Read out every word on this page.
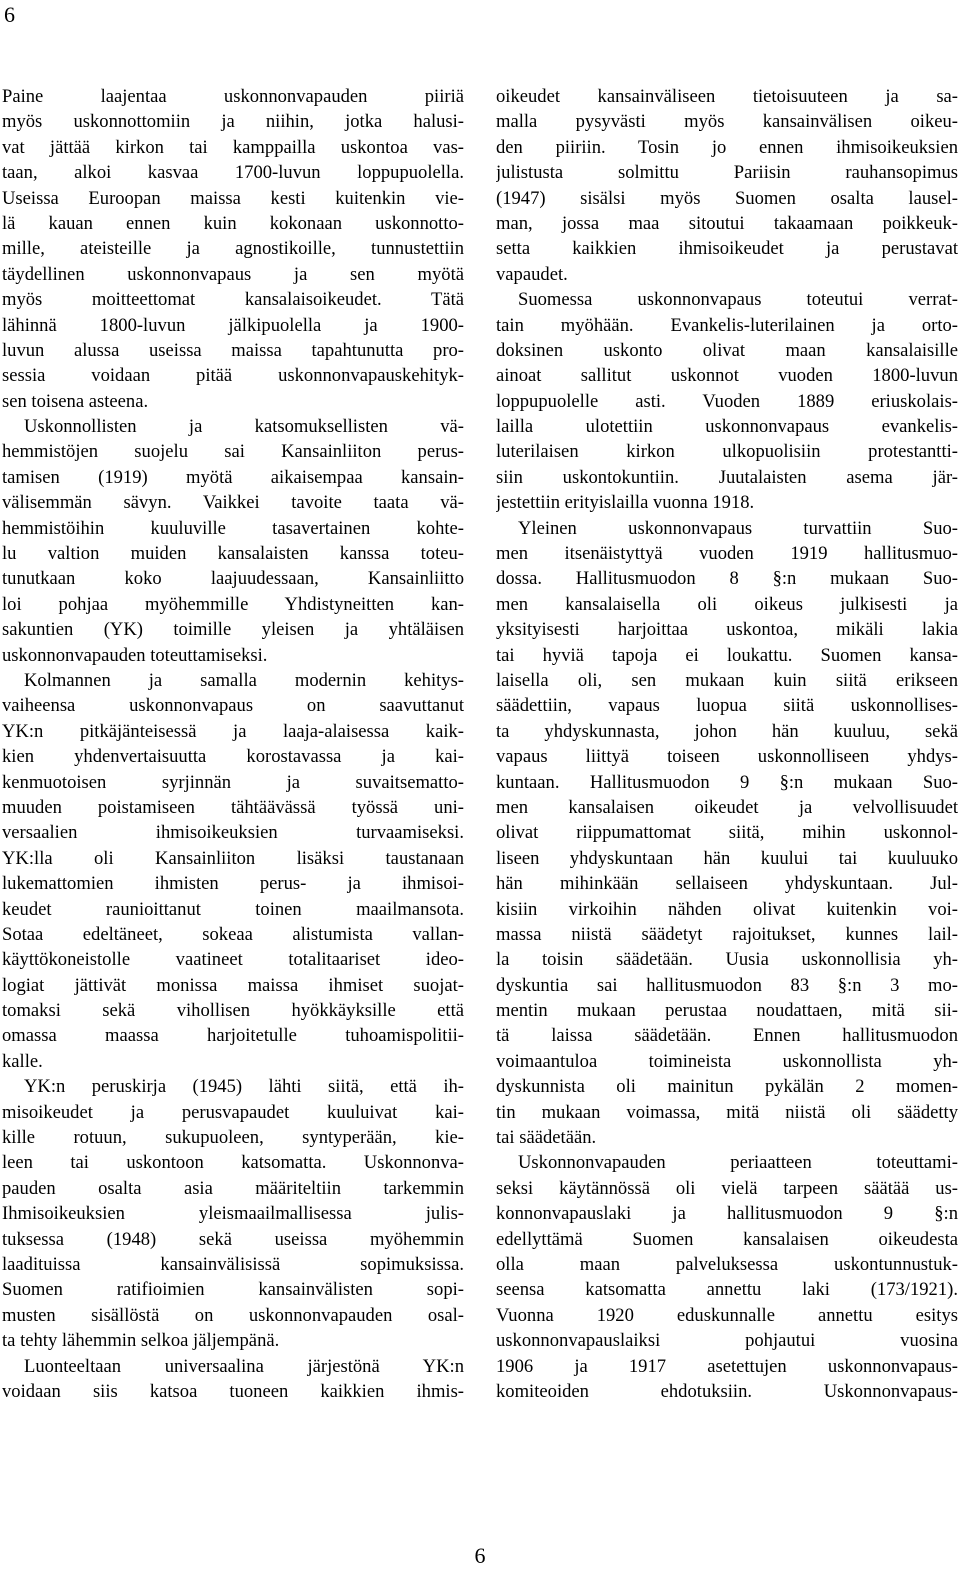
6
Paine laajentaa uskonnonvapauden piiriä
myös uskonnottomiin ja niihin, jotka halusi-
vat jättää kirkon tai kamppailla uskontoa vas-
taan, alkoi kasvaa 1700-luvun loppupuolella.
Useissa Euroopan maissa kesti kuitenkin vie-
lä kauan ennen kuin kokonaan uskonnotto-
mille, ateisteille ja agnostikoille, tunnustettiin
täydellinen uskonnonvapaus ja sen myötä
myös moitteettomat kansalaisoikeudet. Tätä
lähinnä 1800-luvun jälkipuolella ja 1900-
luvun alussa useissa maissa tapahtunutta pro-
sessia voidaan pitää uskonnonvapauskehityk-
sen toisena asteena.
Uskonnollisten ja katsomuksellisten vä-
hemmistöjen suojelu sai Kansainliiton perus-
tamisen (1919) myötä aikaisempaa kansain-
välisemmän sävyn. Vaikkei tavoite taata vä-
hemmistöihin kuuluville tasavertainen kohte-
lu valtion muiden kansalaisten kanssa toteu-
tunutkaan koko laajuudessaan, Kansainliitto
loi pohjaa myöhemmille Yhdistyneitten kan-
sakuntien (YK) toimille yleisen ja yhtäläisen
uskonnonvapauden toteuttamiseksi.
Kolmannen ja samalla modernin kehitys-
vaiheensa uskonnonvapaus on saavuttanut
YK:n pitkäjänteisessä ja laaja-alaisessa kaik-
kien yhdenvertaisuutta korostavassa ja kai-
kenmuotoisen syrjinnän ja suvaitsematto-
muuden poistamiseen tähtäävässä työssä uni-
versaalien ihmisoikeuksien turvaamiseksi.
YK:lla oli Kansainliiton lisäksi taustanaan
lukemattomien ihmisten perus- ja ihmisoi-
keudet raunioittanut toinen maailmansota.
Sotaa edeltäneet, sokeaa alistumista vallan-
käyttökoneistolle vaatineet totalitaariset ideo-
logiat jättivät monissa maissa ihmiset suojat-
tomaksi sekä vihollisen hyökkäyksille että
omassa maassa harjoitetulle tuhoamispolitii-
kalle.
YK:n peruskirja (1945) lähti siitä, että ih-
misoikeudet ja perusvapaudet kuuluivat kai-
kille rotuun, sukupuoleen, syntyperään, kie-
leen tai uskontoon katsomatta. Uskonnonva-
pauden osalta asia määriteltiin tarkemmin
Ihmisoikeuksien yleismaailmallisessa julis-
tuksessa (1948) sekä useissa myöhemmin
laadituissa kansainvälisissä sopimuksissa.
Suomen ratifioimien kansainvälisten sopi-
musten sisällöstä on uskonnonvapauden osal-
ta tehty lähemmin selkoa jäljempänä.
Luonteeltaan universaalina järjestönä YK:n
voidaan siis katsoa tuoneen kaikkien ihmis-
oikeudet kansainväliseen tietoisuuteen ja sa-
malla pysyvästi myös kansainvälisen oikeu-
den piiriin. Tosin jo ennen ihmisoikeuksien
julistusta solmittu Pariisin rauhansopimus
(1947) sisälsi myös Suomen osalta lausel-
man, jossa maa sitoutui takaamaan poikkeuk-
setta kaikkien ihmisoikeudet ja perustavat
vapaudet.
Suomessa uskonnonvapaus toteutui verrat-
tain myöhään. Evankelis-luterilainen ja orto-
doksinen uskonto olivat maan kansalaisille
ainoat sallitut uskonnot vuoden 1800-luvun
loppupuolelle asti. Vuoden 1889 eriuskolais-
lailla ulotettiin uskonnonvapaus evankelis-
luterilaisen kirkon ulkopuolisiin protestantti-
siin uskontokuntiin. Juutalaisten asema jär-
jestettiin erityislailla vuonna 1918.
Yleinen uskonnonvapaus turvattiin Suo-
men itsenäistyttyä vuoden 1919 hallitusmuo-
dossa. Hallitusmuodon 8 §:n mukaan Suo-
men kansalaisella oli oikeus julkisesti ja
yksityisesti harjoittaa uskontoa, mikäli lakia
tai hyviä tapoja ei loukattu. Suomen kansa-
laisella oli, sen mukaan kuin siitä erikseen
säädettiin, vapaus luopua siitä uskonnollises-
ta yhdyskunnasta, johon hän kuuluu, sekä
vapaus liittyä toiseen uskonnolliseen yhdys-
kuntaan. Hallitusmuodon 9 §:n mukaan Suo-
men kansalaisen oikeudet ja velvollisuudet
olivat riippumattomat siitä, mihin uskonnol-
liseen yhdyskuntaan hän kuului tai kuuluuko
hän mihinkään sellaiseen yhdyskuntaan. Jul-
kisiin virkoihin nähden olivat kuitenkin voi-
massa niistä säädetyt rajoitukset, kunnes lail-
la toisin säädetään. Uusia uskonnollisia yh-
dyskuntia sai hallitusmuodon 83 §:n 3 mo-
mentin mukaan perustaa noudattaen, mitä sii-
tä laissa säädetään. Ennen hallitusmuodon
voimaantuloa toimineista uskonnollista yh-
dyskunnista oli mainitun pykälän 2 momen-
tin mukaan voimassa, mitä niistä oli säädetty
tai säädetään.
Uskonnonvapauden periaatteen toteuttami-
seksi käytännössä oli vielä tarpeen säätää us-
konnonvapauslaki ja hallitusmuodon 9 §:n
edellyttämä Suomen kansalaisen oikeudesta
olla maan palveluksessa uskontunnustuk-
seensa katsomatta annettu laki (173/1921).
Vuonna 1920 eduskunnalle annettu esitys
uskonnonvapauslaiksi pohjautui vuosina
1906 ja 1917 asetettujen uskonnonvapaus-
komiteoiden ehdotuksiin. Uskonnonvapaus-
6
